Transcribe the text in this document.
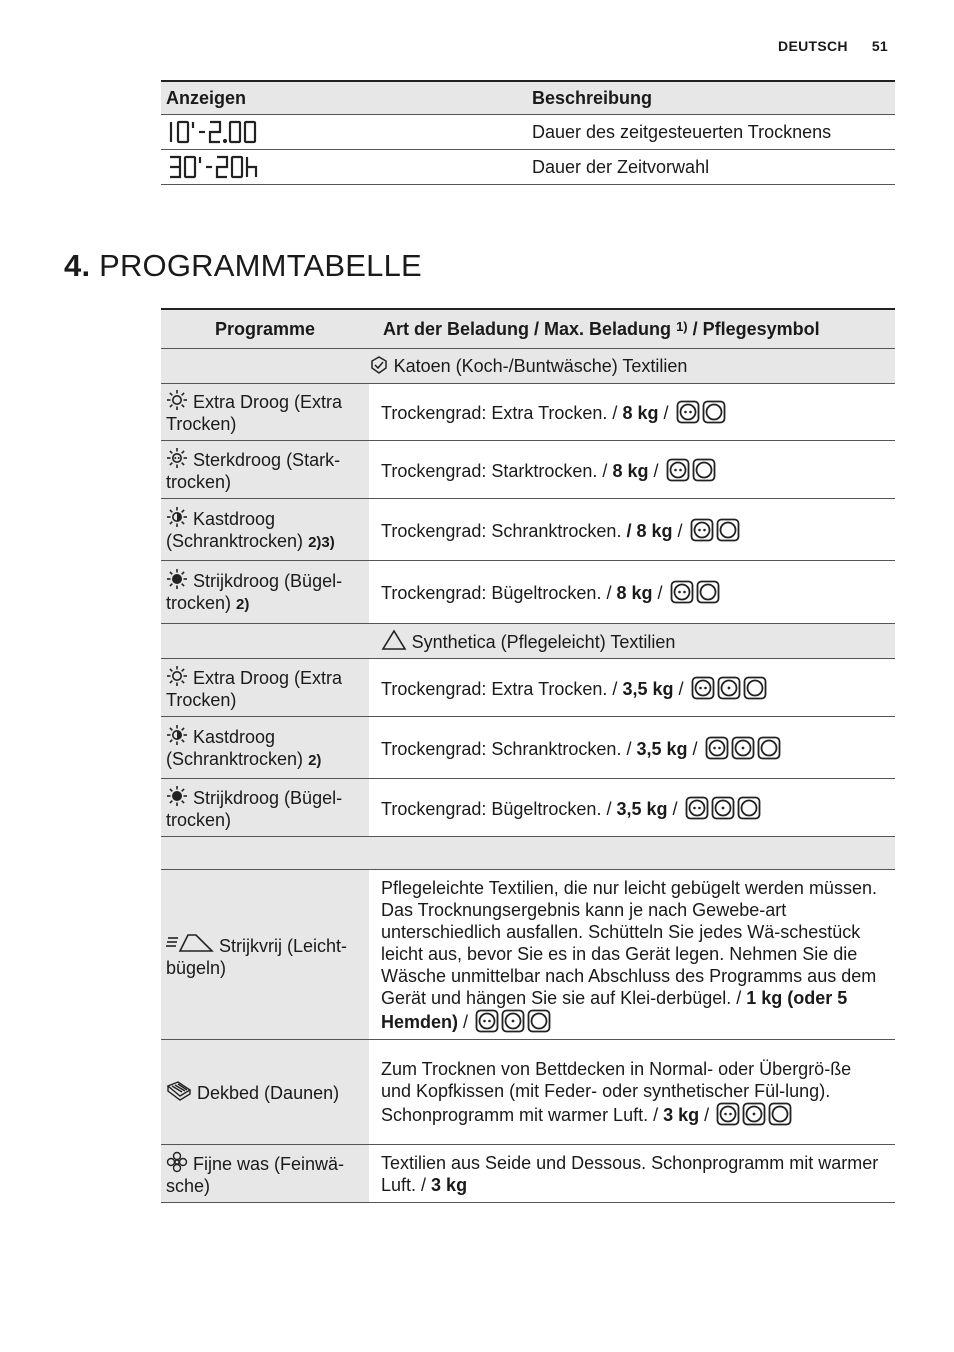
DEUTSCH 51
Anzeigen	Beschreibung

	Dauer des zeitgesteuerten Trocknens

	Dauer der Zeitvorwahl
4. PROGRAMMTABELLE
Programme	Art der Beladung / Max. Beladung $^{1)}$ / Pflegesymbol
Katoen (Koch-/Buntwäsche) Textilien	
Extra Droog (Extra Trocken)	Trockengrad: Extra Trocken. / 8 kg /
Sterkdroog (Stark-trocken)	Trockengrad: Starktrocken. / 8 kg /
Kastdroog (Schranktrocken) 2)3)	Trockengrad: Schranktrocken. / 8 kg /
Strijkdroog (Bügel-trocken) 2)	Trockengrad: Bügeltrocken. / 8 kg /
Synthetica (Pflegeleicht) Textilien	
Extra Droog (Extra Trocken)	Trockengrad: Extra Trocken. / 3,5 kg /
Kastdroog (Schranktrocken) 2)	Trockengrad: Schranktrocken. / 3,5 kg /
Strijkdroog (Bügel-trocken)	Trockengrad: Bügeltrocken. / 3,5 kg /

Strijkvrij (Leicht-bügeln)	Pflegeleichte Textilien, die nur leicht gebügelt werden müssen. Das Trocknungsergebnis kann je nach Gewebe-art unterschiedlich ausfallen. Schütteln Sie jedes Wä-schestück leicht aus, bevor Sie es in das Gerät legen. Nehmen Sie die Wäsche unmittelbar nach Abschluss des Programms aus dem Gerät und hängen Sie sie auf Klei-derbügel. / 1 kg (oder 5 Hemden) /
Dekbed (Daunen)	Zum Trocknen von Bettdecken in Normal- oder Übergrö-ße und Kopfkissen (mit Feder- oder synthetischer Fül-lung). Schonprogramm mit warmer Luft. / 3 kg /
Fijne was (Feinwä-sche)	Textilien aus Seide und Dessous. Schonprogramm mit warmer Luft. / 3 kg
